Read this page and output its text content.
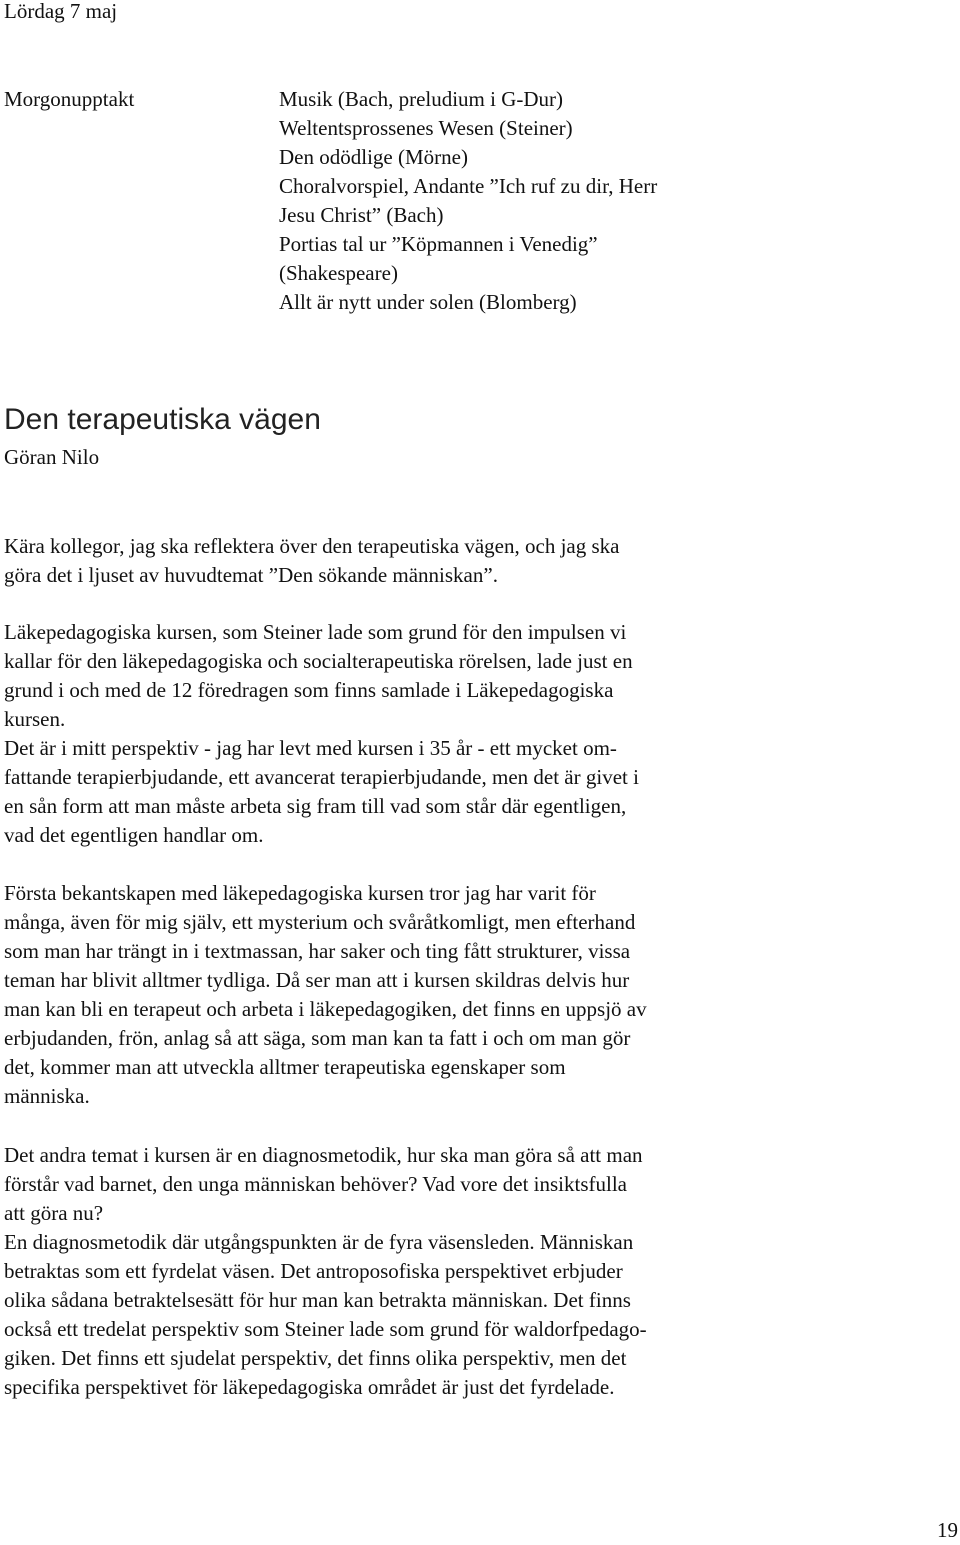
Lördag 7 maj
Morgonupptakt	Musik (Bach, preludium i G-Dur)
Weltentsprossenes Wesen (Steiner)
Den odödlige (Mörne)
Choralvorspiel, Andante ”Ich ruf zu dir, Herr
Jesu Christ” (Bach)
Portias tal ur ”Köpmannen i Venedig”
(Shakespeare)
Allt är nytt under solen (Blomberg)
Den terapeutiska vägen
Göran Nilo
Kära kollegor, jag ska reflektera över den terapeutiska vägen, och jag ska
göra det i ljuset av huvudtemat ”Den sökande människan”.
Läkepedagogiska kursen, som Steiner lade som grund för den impulsen vi
kallar för den läkepedagogiska och socialterapeutiska rörelsen, lade just en
grund i och med de 12 föredragen som finns samlade i Läkepedagogiska
kursen.
Det är i mitt perspektiv - jag har levt med kursen i 35 år - ett mycket om-
fattande terapierbjudande, ett avancerat terapierbjudande, men det är givet i
en sån form att man måste arbeta sig fram till vad som står där egentligen,
vad det egentligen handlar om.
Första bekantskapen med läkepedagogiska kursen tror jag har varit för
många, även för mig själv, ett mysterium och svåråtkomligt, men efterhand
som man har trängt in i textmassan, har saker och ting fått strukturer, vissa
teman har blivit alltmer tydliga. Då ser man att i kursen skildras delvis hur
man kan bli en terapeut och arbeta i läkepedagogiken, det finns en uppsjö av
erbjudanden, frön, anlag så att säga, som man kan ta fatt i och om man gör
det, kommer man att utveckla alltmer terapeutiska egenskaper som
människa.
Det andra temat i kursen är en diagnosmetodik, hur ska man göra så att man
förstår vad barnet, den unga människan behöver? Vad vore det insiktsfulla
att göra nu?
En diagnosmetodik där utgångspunkten är de fyra väsensleden. Människan
betraktas som ett fyrdelat väsen. Det antroposofiska perspektivet erbjuder
olika sådana betraktelsesätt för hur man kan betrakta människan. Det finns
också ett tredelat perspektiv som Steiner lade som grund för waldorfpedago-
giken. Det finns ett sjudelat perspektiv, det finns olika perspektiv, men det
specifika perspektivet för läkepedagogiska området är just det fyrdelade.
19
